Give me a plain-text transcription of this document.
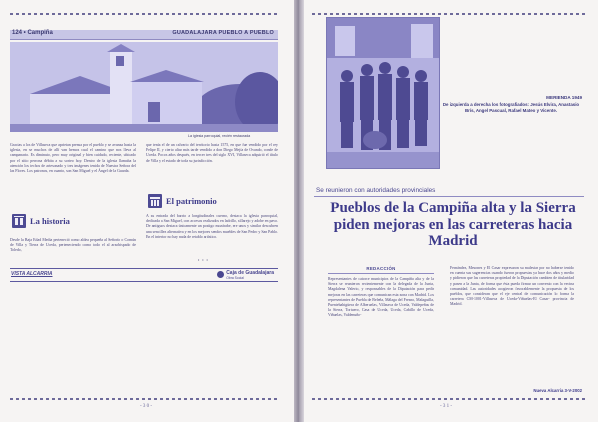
124 • Campiña	GUADALAJARA PUEBLO A PUEBLO
La iglesia parroquial, recién restaurada
Gracias a los de Villaseca que aprietan prensa por el pueblo y se avanza hasta la iglesia, en se muchos de allí van hemos cual el camino que nos lleva al campanario. Es diminuto, pero muy original y bien cuidado, reciente, ubicado por el sitio perrona débita a su sorteo hoy. Dentro de la iglesia llamaba la atención los techos de artesonado y tres imágenes tenida de Nuestra Señora del las Flores. Los patronos, en cuanto, son San Miguel y el Ángel de la Guarda.
que tenía el de un calvario del territorio hasta 1575, en que fue vendido por el rey Felipe II, y cierto altar más tarde vendido a don Diego Mejía de Ovando, conde de Uceda. Pocos años después, en tercer tres del siglo XVI, Villaseca adquirió el título de Villa y el estado de toda su jurisdicción.
La historia
Desde la Baja Edad Media perteneció como aldea pequeña al Señorío o Común de Villa y Tierra de Uceda, perteneciendo como todo el al arzobispado de Toledo,
El patrimonio
A su entrada del barrio a longitudinales cuerno, destaca la iglesia parroquial, dedicada a San Miguel, con accesos realizados en ladrillo, sillarejo y adobe en pavo. De antiguos destaca únicamente un postigo mozárabe, ere unos y similar descubren una sencillez alternativa y en los mejores sendos muebles de San Pedro y San Pablo. En el interior no hay nada de retablo artístico.
• • •
VISTA ALCARRIA	Caja de Guadalajara
Obra Social
- 3 0 -
MERIENDA 1949
De izquierda a derecha los fotografiados: Jesús Elvira, Anastasio Brís, Angel Pascual, Rafael Mateo y Vicente.
Se reunieron con autoridades provinciales
Pueblos de la Campiña alta y la Sierra piden mejoras en las carreteras hacia Madrid
REDACCIÓN
Representantes de catorce municipios de la Campiña alta y de la Sierra se reunieron recientemente con la delegada de la Junta, Magdalena Valerio, y responsables de la Diputación para pedir mejoras en las carreteras que comunican esta zona con Madrid. Los representantes de Puebla de Beleña, Málaga del Fresno, Malaguilla, Puentebahigüera de Alberuelas, Villaseca de Uceda, Valdepeñas de la Sierra, Tortuero, Casa de Uceda, Uceda, Cabillo de Uceda, Viñuelas, Valdenuño-
Fernández, Mesones y El Casar expresaron su malestar por no haberse tenido en cuenta sus sugerencias cuando fueron propuestas ya hace dos años y medio y pidieron que las carreteras propiedad de la Diputación cambien de titularidad y pasen a la Junta, de forma que ésta pueda firmar un convenio con la vecina comunidad. Las autoridades acogieron favorablemente la propuesta de los pueblos, que consideran que el eje central de comunicación lo forma la carretera CM-1001-Villaseca de Uceda-Viñuelas-El Casar- provincia de Madrid.
Nueva Alcarria 3-V-2002
- 3 1 -
